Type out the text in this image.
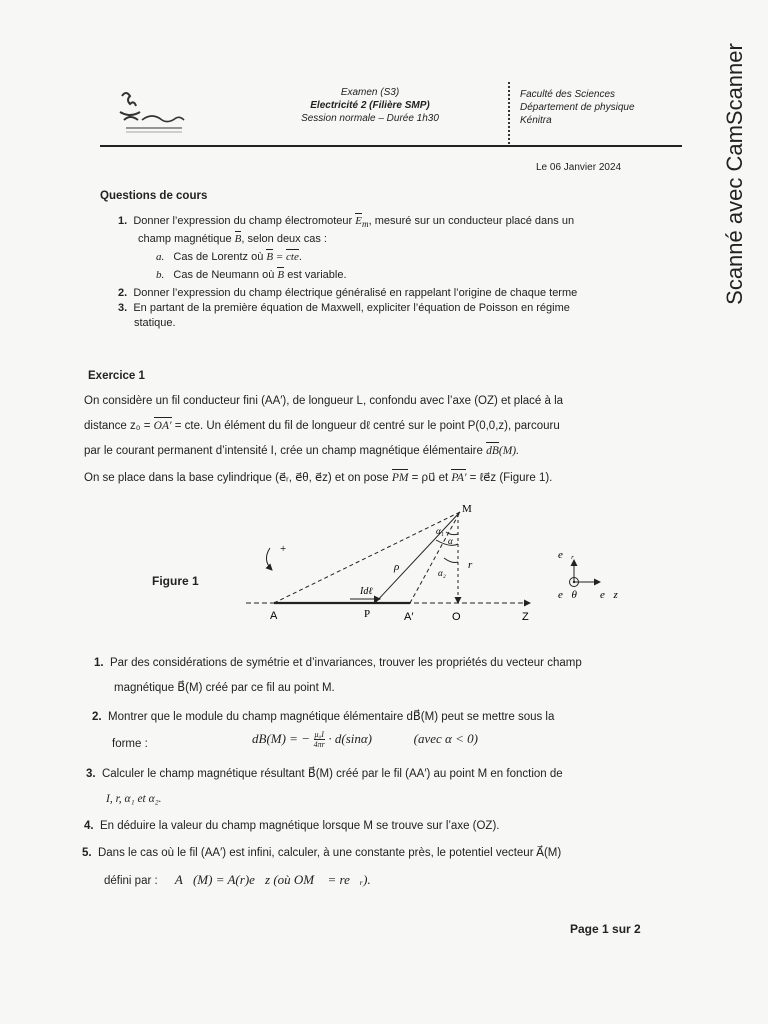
Examen (S3)
Electricité 2 (Filière SMP)
Session normale – Durée 1h30
Faculté des Sciences
Département de physique
Kénitra
Le 06 Janvier 2024	Scanné avec CamScanner
Questions de cours
1. Donner l’expression du champ électromoteur $E_m$, mesuré sur un conducteur placé dans un
champ magnétique B, selon deux cas :
a. Cas de Lorentz où B = cte.
b. Cas de Neumann où B est variable.
2. Donner l’expression du champ électrique généralisé en rappelant l’origine de chaque terme
3. En partant de la première équation de Maxwell, expliciter l’équation de Poisson en régime
statique.
Exercice 1
On considère un fil conducteur fini (AA′), de longueur L, confondu avec l’axe (OZ) et placé à la
distance z₀ = OA′ = cte. Un élément du fil de longueur dℓ centré sur le point P(0,0,z), parcouru
par le courant permanent d’intensité I, crée un champ magnétique élémentaire dB(M).
On se place dans la base cylindrique (e⃗ᵣ, e⃗θ, e⃗z) et on pose PM = ρu⃗ et PA′ = ℓe⃗z (Figure 1).
Figure 1
+
M
A	P	A′	O	Z
ρ	r
α₁
α
α₂
Idℓ⃗
e⃗ᵣ
e⃗θ e⃗z
1. Par des considérations de symétrie et d’invariances, trouver les propriétés du vecteur champ
magnétique B⃗(M) créé par ce fil au point M.
2. Montrer que le module du champ magnétique élémentaire dB⃗(M) peut se mettre sous la
forme :	dB(M) = − $\frac{\text{μ₀I}}{4\pi r} \cdot d(\sin\alpha)$	(avec α < 0)
3. Calculer le champ magnétique résultant B⃗(M) créé par le fil (AA′) au point M en fonction de
I, r, α₁ et α₂.
4. En déduire la valeur du champ magnétique lorsque M se trouve sur l’axe (OZ).
5. Dans le cas où le fil (AA′) est infini, calculer, à une constante près, le potentiel vecteur A⃗(M)
défini par : A⃗(M) = A(r)e⃗z (où OM⃗ = re⃗ᵣ).
Page 1 sur 2
